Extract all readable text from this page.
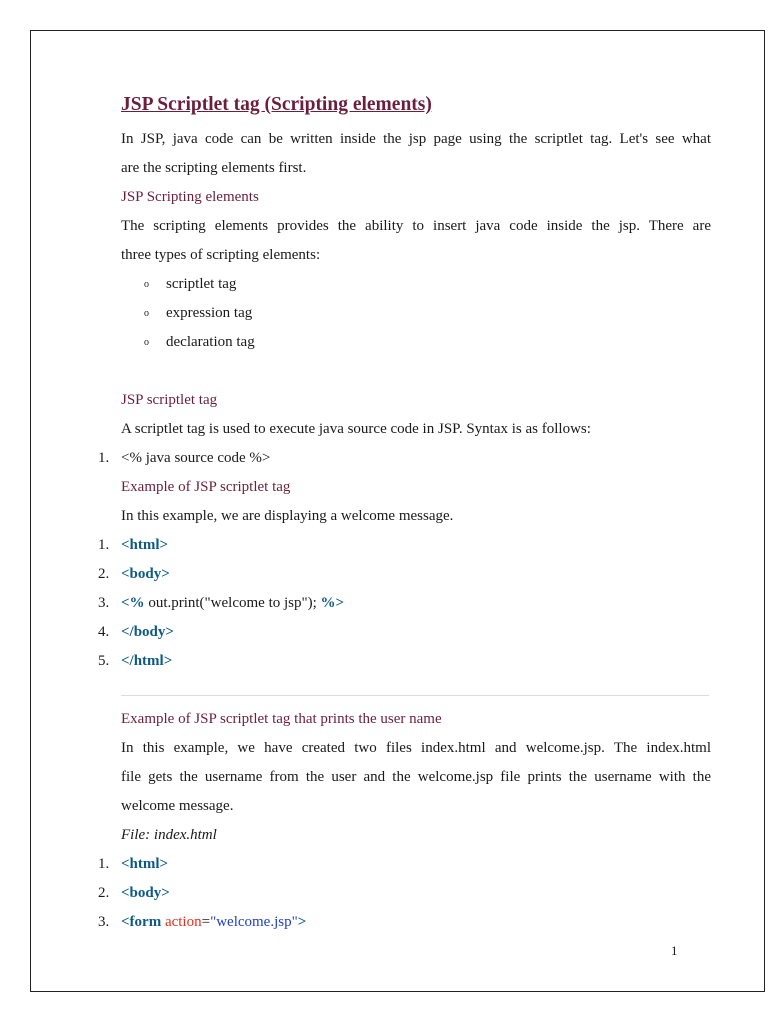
JSP Scriptlet tag (Scripting elements)
In JSP, java code can be written inside the jsp page using the scriptlet tag. Let's see what
are the scripting elements first.
JSP Scripting elements
The scripting elements provides the ability to insert java code inside the jsp. There are
three types of scripting elements:
o scriptlet tag
o expression tag
o declaration tag
JSP scriptlet tag
A scriptlet tag is used to execute java source code in JSP. Syntax is as follows:
1. <% java source code %>
Example of JSP scriptlet tag
In this example, we are displaying a welcome message.
1. <html>
2. <body>
3. <% out.print("welcome to jsp"); %>
4. </body>
5. </html>
Example of JSP scriptlet tag that prints the user name
In this example, we have created two files index.html and welcome.jsp. The index.html
file gets the username from the user and the welcome.jsp file prints the username with the
welcome message.
File: index.html
1. <html>
2. <body>
3. <form action="welcome.jsp">
1
